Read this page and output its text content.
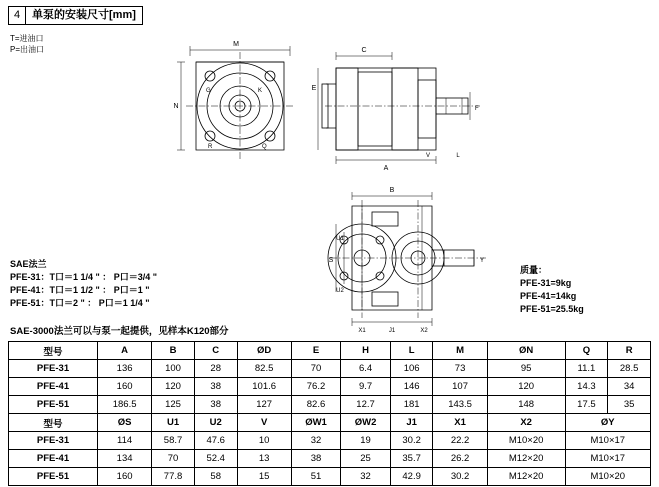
4	单泵的安装尺寸[mm]
T=进油口
P=出油口
M
N
G	K
R	Q
C
A
V	L
E
F
B
S
U1
U2
J1
X1	X2
Y
SAE法兰
PFE-31：T口＝1 1/4 " ： P口＝3/4 "
PFE-41：T口＝1 1/2 " ： P口＝1 "
PFE-51：T口＝2 " ： P口＝1 1/4 "
质量：
PFE-31=9kg
PFE-41=14kg
PFE-51=25.5kg
SAE-3000法兰可以与泵一起提供，见样本K120部分
型号	A	B	C	ØD	E	H	L	M	ØN	Q	R
PFE-31	136	100	28	82.5	70	6.4	106	73	95	11.1	28.5
PFE-41	160	120	38	101.6	76.2	9.7	146	107	120	14.3	34
PFE-51	186.5	125	38	127	82.6	12.7	181	143.5	148	17.5	35
型号	ØS	U1	U2	V	ØW1	ØW2	J1	X1	X2	ØY	
PFE-31	114	58.7	47.6	10	32	19	30.2	22.2	M10×20	M10×17	
PFE-41	134	70	52.4	13	38	25	35.7	26.2	M12×20	M10×17	
PFE-51	160	77.8	58	15	51	32	42.9	30.2	M12×20	M10×20	
